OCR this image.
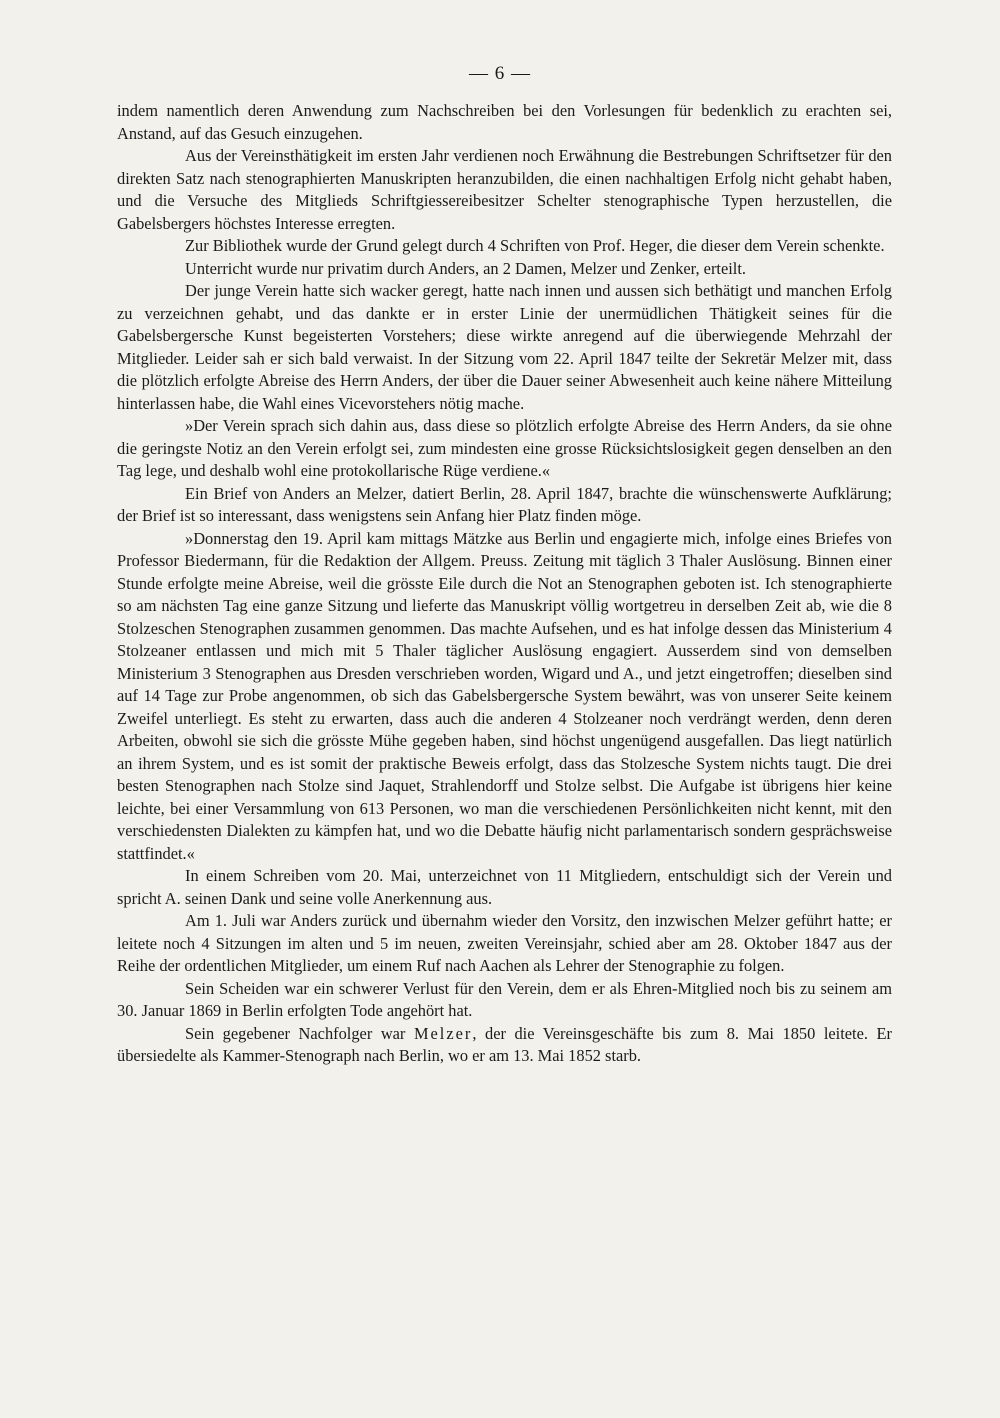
— 6 —

indem namentlich deren Anwendung zum Nachschreiben bei den Vorlesungen für bedenklich zu erachten sei, Anstand, auf das Gesuch einzugehen.

Aus der Vereinsthätigkeit im ersten Jahr verdienen noch Erwähnung die Bestrebungen Schriftsetzer für den direkten Satz nach stenographierten Manuskripten heranzubilden, die einen nachhaltigen Erfolg nicht gehabt haben, und die Versuche des Mitglieds Schriftgiessereibesitzer Schelter stenographische Typen herzustellen, die Gabelsbergers höchstes Interesse erregten.

Zur Bibliothek wurde der Grund gelegt durch 4 Schriften von Prof. Heger, die dieser dem Verein schenkte.

Unterricht wurde nur privatim durch Anders, an 2 Damen, Melzer und Zenker, erteilt.

Der junge Verein hatte sich wacker geregt, hatte nach innen und aussen sich bethätigt und manchen Erfolg zu verzeichnen gehabt, und das dankte er in erster Linie der unermüdlichen Thätigkeit seines für die Gabelsbergersche Kunst begeisterten Vorstehers; diese wirkte anregend auf die überwiegende Mehrzahl der Mitglieder. Leider sah er sich bald verwaist. In der Sitzung vom 22. April 1847 teilte der Sekretär Melzer mit, dass die plötzlich erfolgte Abreise des Herrn Anders, der über die Dauer seiner Abwesenheit auch keine nähere Mitteilung hinterlassen habe, die Wahl eines Vicevorstehers nötig mache.

»Der Verein sprach sich dahin aus, dass diese so plötzlich erfolgte Abreise des Herrn Anders, da sie ohne die geringste Notiz an den Verein erfolgt sei, zum mindesten eine grosse Rücksichtslosigkeit gegen denselben an den Tag lege, und deshalb wohl eine protokollarische Rüge verdiene.«

Ein Brief von Anders an Melzer, datiert Berlin, 28. April 1847, brachte die wünschenswerte Aufklärung; der Brief ist so interessant, dass wenigstens sein Anfang hier Platz finden möge.

»Donnerstag den 19. April kam mittags Mätzke aus Berlin und engagierte mich, infolge eines Briefes von Professor Biedermann, für die Redaktion der Allgem. Preuss. Zeitung mit täglich 3 Thaler Auslösung. Binnen einer Stunde erfolgte meine Abreise, weil die grösste Eile durch die Not an Stenographen geboten ist. Ich stenographierte so am nächsten Tag eine ganze Sitzung und lieferte das Manuskript völlig wortgetreu in derselben Zeit ab, wie die 8 Stolzeschen Stenographen zusammen genommen. Das machte Aufsehen, und es hat infolge dessen das Ministerium 4 Stolzeaner entlassen und mich mit 5 Thaler täglicher Auslösung engagiert. Ausserdem sind von demselben Ministerium 3 Stenographen aus Dresden verschrieben worden, Wigard und A., und jetzt eingetroffen; dieselben sind auf 14 Tage zur Probe angenommen, ob sich das Gabelsbergersche System bewährt, was von unserer Seite keinem Zweifel unterliegt. Es steht zu erwarten, dass auch die anderen 4 Stolzeaner noch verdrängt werden, denn deren Arbeiten, obwohl sie sich die grösste Mühe gegeben haben, sind höchst ungenügend ausgefallen. Das liegt natürlich an ihrem System, und es ist somit der praktische Beweis erfolgt, dass das Stolzesche System nichts taugt. Die drei besten Stenographen nach Stolze sind Jaquet, Strahlendorff und Stolze selbst. Die Aufgabe ist übrigens hier keine leichte, bei einer Versammlung von 613 Personen, wo man die verschiedenen Persönlichkeiten nicht kennt, mit den verschiedensten Dialekten zu kämpfen hat, und wo die Debatte häufig nicht parlamentarisch sondern gesprächsweise stattfindet.«

In einem Schreiben vom 20. Mai, unterzeichnet von 11 Mitgliedern, entschuldigt sich der Verein und spricht A. seinen Dank und seine volle Anerkennung aus.

Am 1. Juli war Anders zurück und übernahm wieder den Vorsitz, den inzwischen Melzer geführt hatte; er leitete noch 4 Sitzungen im alten und 5 im neuen, zweiten Vereinsjahr, schied aber am 28. Oktober 1847 aus der Reihe der ordentlichen Mitglieder, um einem Ruf nach Aachen als Lehrer der Stenographie zu folgen.

Sein Scheiden war ein schwerer Verlust für den Verein, dem er als Ehren-Mitglied noch bis zu seinem am 30. Januar 1869 in Berlin erfolgten Tode angehört hat.

Sein gegebener Nachfolger war Melzer, der die Vereinsgeschäfte bis zum 8. Mai 1850 leitete. Er übersiedelte als Kammer-Stenograph nach Berlin, wo er am 13. Mai 1852 starb.
